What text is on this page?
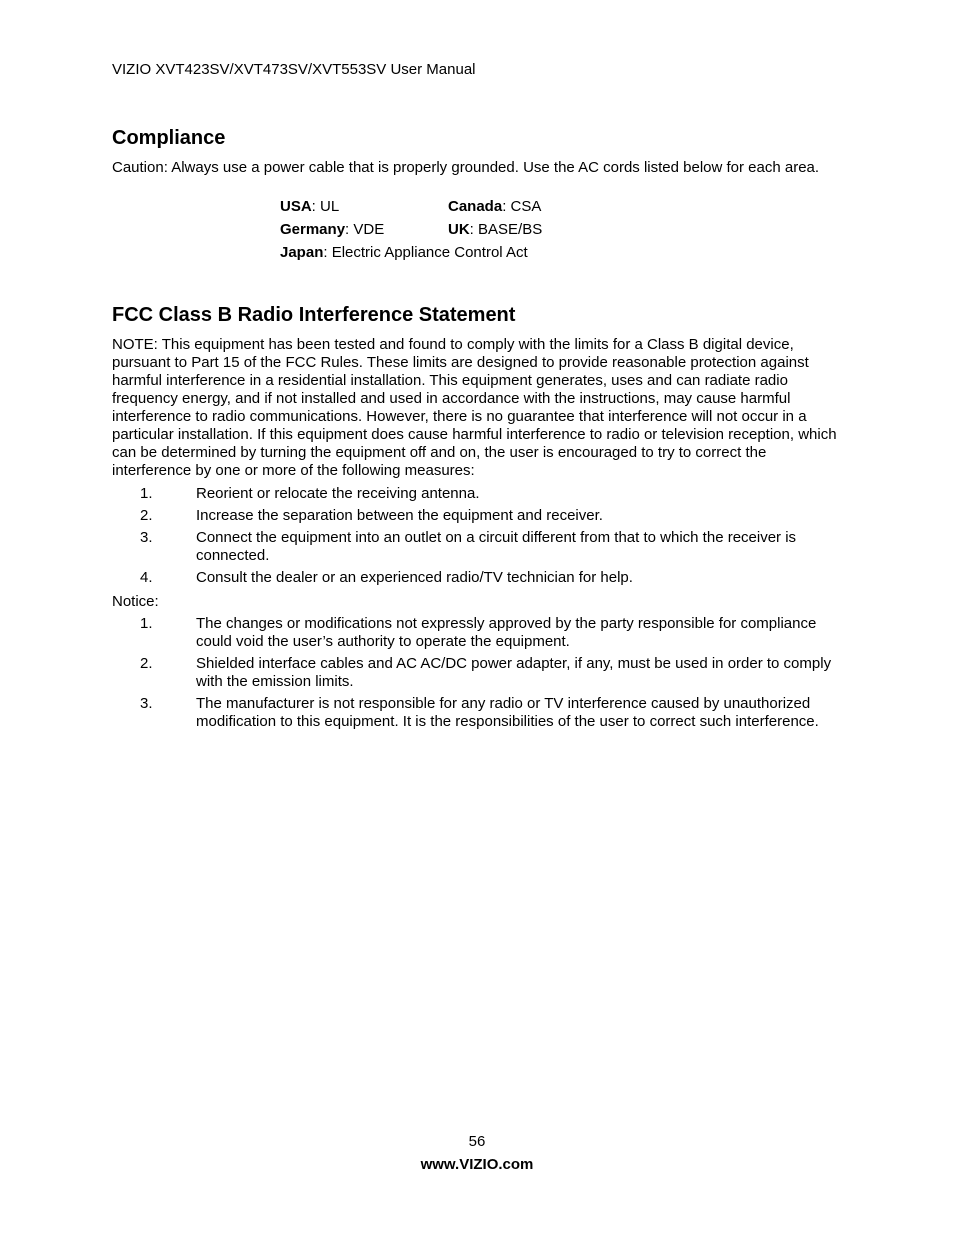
VIZIO XVT423SV/XVT473SV/XVT553SV User Manual
Compliance

Caution: Always use a power cable that is properly grounded. Use the AC cords listed below for each area.

USA: UL	Canada: CSA
Germany: VDE	UK: BASE/BS
Japan: Electric Appliance Control Act
FCC Class B Radio Interference Statement

NOTE: This equipment has been tested and found to comply with the limits for a Class B digital device, pursuant to Part 15 of the FCC Rules. These limits are designed to provide reasonable protection against harmful interference in a residential installation. This equipment generates, uses and can radiate radio frequency energy, and if not installed and used in accordance with the instructions, may cause harmful interference to radio communications. However, there is no guarantee that interference will not occur in a particular installation. If this equipment does cause harmful interference to radio or television reception, which can be determined by turning the equipment off and on, the user is encouraged to try to correct the interference by one or more of the following measures:

1.	Reorient or relocate the receiving antenna.
2.	Increase the separation between the equipment and receiver.
3.	Connect the equipment into an outlet on a circuit different from that to which the receiver is connected.
4.	Consult the dealer or an experienced radio/TV technician for help.
Notice:
1.	The changes or modifications not expressly approved by the party responsible for compliance could void the user’s authority to operate the equipment.
2.	Shielded interface cables and AC AC/DC power adapter, if any, must be used in order to comply with the emission limits.
3.	The manufacturer is not responsible for any radio or TV interference caused by unauthorized modification to this equipment. It is the responsibilities of the user to correct such interference.
56
www.VIZIO.com
